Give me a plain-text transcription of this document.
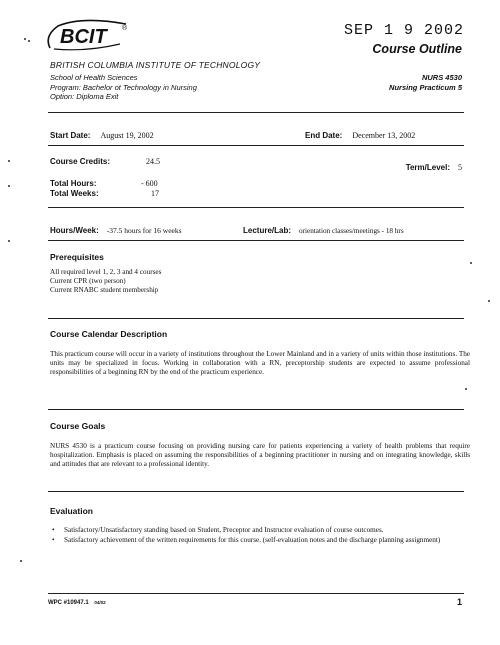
BCIT ®	SEP 1 9 2002
Course Outline
BRITISH COLUMBIA INSTITUTE OF TECHNOLOGY
School of Health Sciences
Program: Bachelor ot Technology in Nursing
Option: Diploma Exit
NURS 4530
Nursing Practicum 5
Start Date: August 19, 2002	End Date: December 13, 2002
Course Credits:	24.5
Term/Level: 5
Total Hours:	- 600
Total Weeks:	17
Hours/Week: -37.5 hours for 16 weeks	Lecture/Lab: orientation classes/meetings - 18 hrs
Prerequisites
All required level 1, 2, 3 and 4 courses
Current CPR (two person)
Current RNABC student membership
Course Calendar Description
This practicum course will occur in a variety of institutions throughout the Lower Mainland and in a variety of units within those institutions. The units may be specialized in focus. Working in collaboration with a RN, preceptorship students are expected to assume professional responsibilities of a beginning RN by the end of the practicum experience.
Course Goals
NURS 4530 is a practicum course focusing on providing nursing care for patients experiencing a variety of health problems that require hospitalization. Emphasis is placed on assuming the responsibilities of a beginning practitioner in nursing and on integrating knowledge, skills and attitudes that are relevant to a professional identity.
Evaluation
• Satisfactory/Unsatisfactory standing based on Student, Preceptor and Instructor evaluation of course outcomes.
• Satisfactory achievement of the written requirements for this course. (self-evaluation notes and the discharge planning assignment)
WPC #10947.1 04/02	1
